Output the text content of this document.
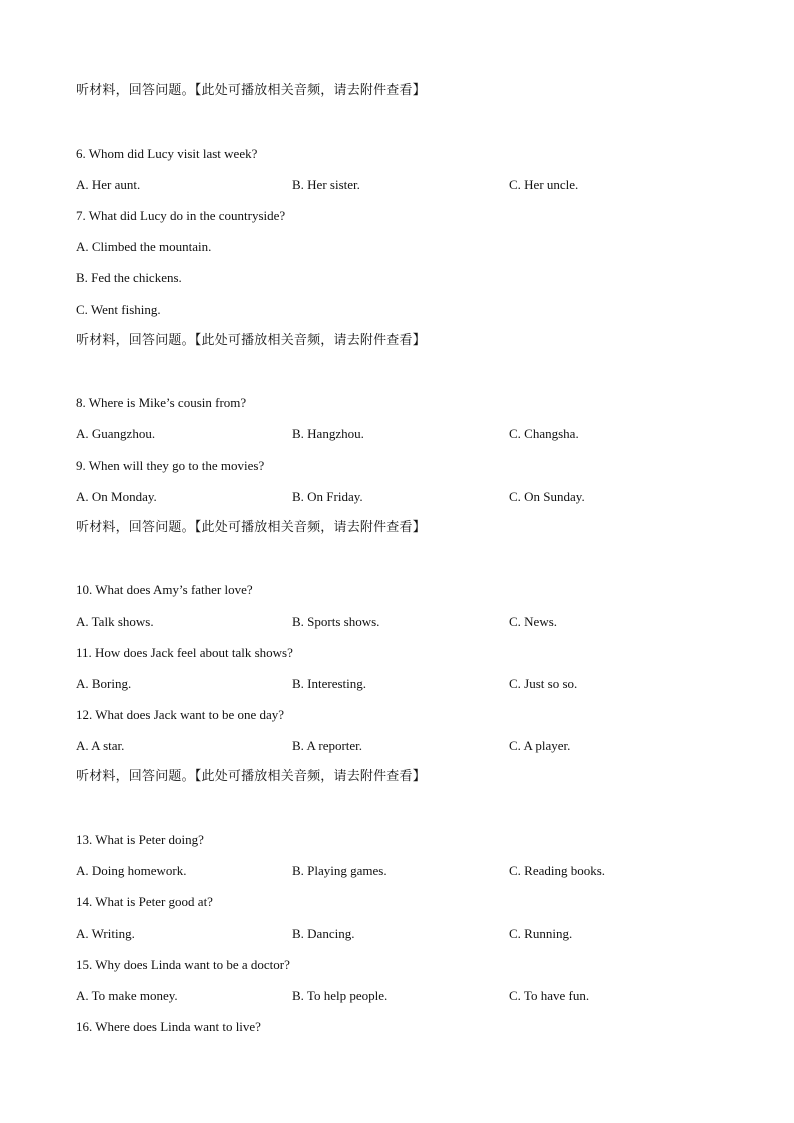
听材料，回答问题。【此处可播放相关音频，请去附件查看】
6. Whom did Lucy visit last week?
A. Her aunt.	B. Her sister.	C. Her uncle.
7. What did Lucy do in the countryside?
A. Climbed the mountain.
B. Fed the chickens.
C. Went fishing.
听材料，回答问题。【此处可播放相关音频，请去附件查看】
8. Where is Mike’s cousin from?
A. Guangzhou.	B. Hangzhou.	C. Changsha.
9. When will they go to the movies?
A. On Monday.	B. On Friday.	C. On Sunday.
听材料，回答问题。【此处可播放相关音频，请去附件查看】
10. What does Amy’s father love?
A. Talk shows.	B. Sports shows.	C. News.
11. How does Jack feel about talk shows?
A. Boring.	B. Interesting.	C. Just so so.
12. What does Jack want to be one day?
A. A star.	B. A reporter.	C. A player.
听材料，回答问题。【此处可播放相关音频，请去附件查看】
13. What is Peter doing?
A. Doing homework.	B. Playing games.	C. Reading books.
14. What is Peter good at?
A. Writing.	B. Dancing.	C. Running.
15. Why does Linda want to be a doctor?
A. To make money.	B. To help people.	C. To have fun.
16. Where does Linda want to live?
